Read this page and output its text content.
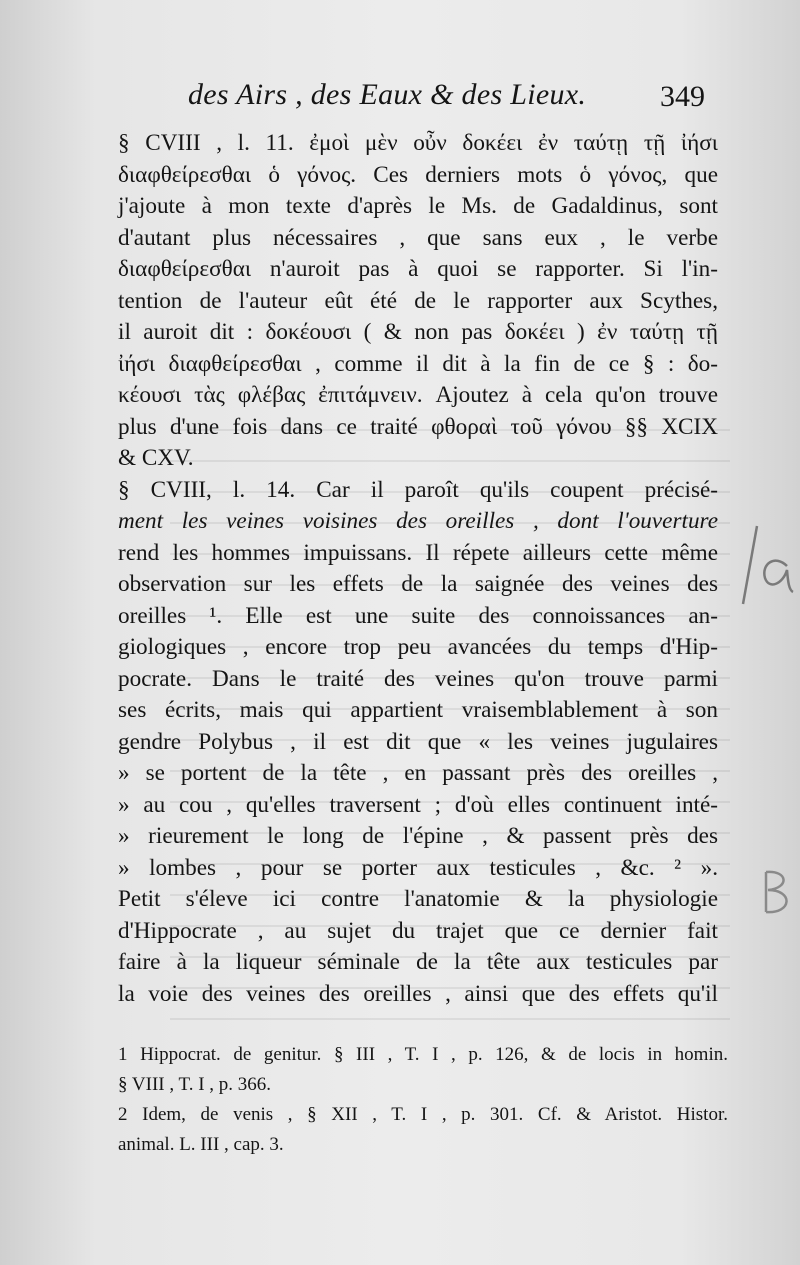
des Airs , des Eaux & des Lieux.	349
§ CVIII , l. 11. ἐμοὶ μὲν οὖν δοκέει ἐν ταύτῃ τῇ ἰήσι
διαφθείρεσθαι ὁ γόνος. Ces derniers mots ὁ γόνος, que
j'ajoute à mon texte d'après le Ms. de Gadaldinus, sont
d'autant plus nécessaires , que sans eux , le verbe
διαφθείρεσθαι n'auroit pas à quoi se rapporter. Si l'in-
tention de l'auteur eût été de le rapporter aux Scythes,
il auroit dit : δοκέουσι ( & non pas δοκέει ) ἐν ταύτῃ τῇ
ἰήσι διαφθείρεσθαι , comme il dit à la fin de ce § : δο-
κέουσι τὰς φλέβας ἐπιτάμνειν. Ajoutez à cela qu'on trouve
plus d'une fois dans ce traité φθοραὶ τοῦ γόνου §§ XCIX
& CXV.
§ CVIII, l. 14. Car il paroît qu'ils coupent précisé-
ment les veines voisines des oreilles , dont l'ouverture
rend les hommes impuissans. Il répete ailleurs cette même
observation sur les effets de la saignée des veines des
oreilles ¹. Elle est une suite des connoissances an-
giologiques , encore trop peu avancées du temps d'Hip-
pocrate. Dans le traité des veines qu'on trouve parmi
ses écrits, mais qui appartient vraisemblablement à son
gendre Polybus , il est dit que « les veines jugulaires
» se portent de la tête , en passant près des oreilles ,
» au cou , qu'elles traversent ; d'où elles continuent inté-
» rieurement le long de l'épine , & passent près des
» lombes , pour se porter aux testicules , &c. ² ».
Petit s'éleve ici contre l'anatomie & la physiologie
d'Hippocrate , au sujet du trajet que ce dernier fait
faire à la liqueur séminale de la tête aux testicules par
la voie des veines des oreilles , ainsi que des effets qu'il
1 Hippocrat. de genitur. § III , T. I , p. 126, & de locis in homin.
§ VIII , T. I , p. 366.
2 Idem, de venis , § XII , T. I , p. 301. Cf. & Aristot. Histor.
animal. L. III , cap. 3.
